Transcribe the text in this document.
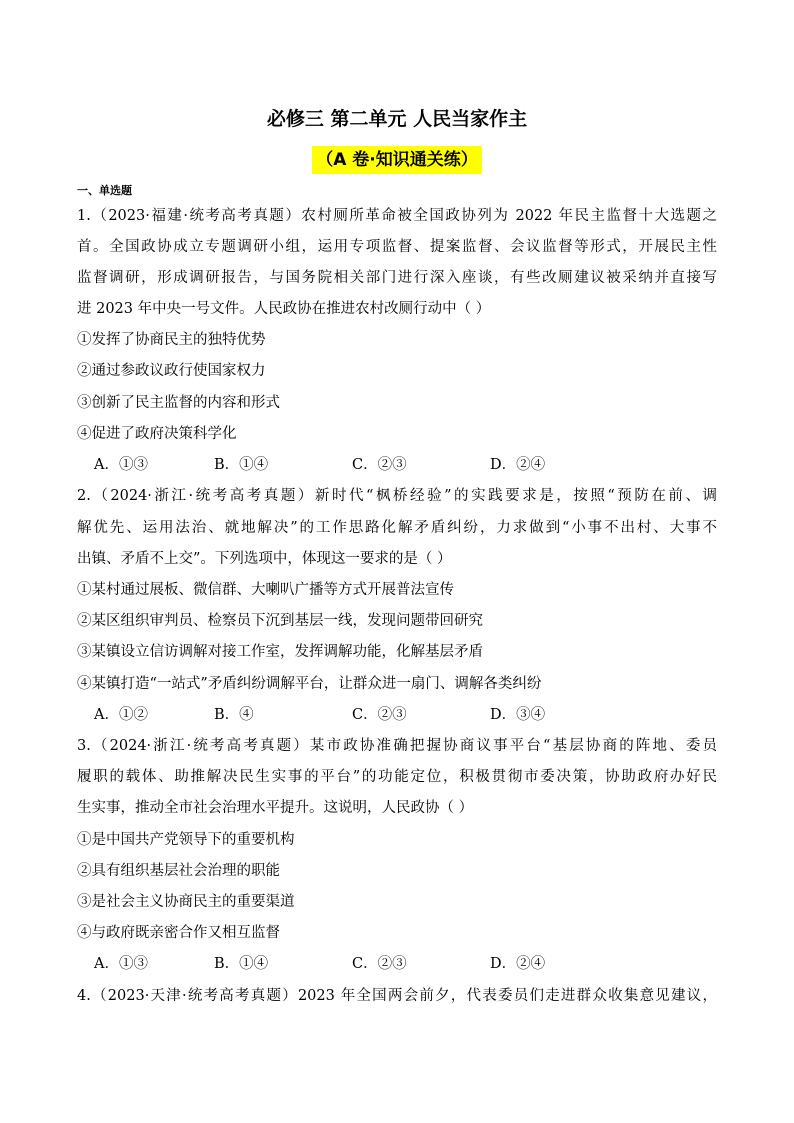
必修三 第二单元 人民当家作主
（A 卷·知识通关练）
一、单选题
1.（2023·福建·统考高考真题）农村厕所革命被全国政协列为 2022 年民主监督十大选题之
首。全国政协成立专题调研小组，运用专项监督、提案监督、会议监督等形式，开展民主性
监督调研，形成调研报告，与国务院相关部门进行深入座谈，有些改厕建议被采纳并直接写
进 2023 年中央一号文件。人民政协在推进农村改厕行动中（ ）
①发挥了协商民主的独特优势
②通过参政议政行使国家权力
③创新了民主监督的内容和形式
④促进了政府决策科学化
A．①③	B．①④	C．②③	D．②④
2.（2024·浙江·统考高考真题）新时代“枫桥经验”的实践要求是，按照“预防在前、调
解优先、运用法治、就地解决”的工作思路化解矛盾纠纷，力求做到“小事不出村、大事不
出镇、矛盾不上交”。下列选项中，体现这一要求的是（ ）
①某村通过展板、微信群、大喇叭广播等方式开展普法宣传
②某区组织审判员、检察员下沉到基层一线，发现问题带回研究
③某镇设立信访调解对接工作室，发挥调解功能，化解基层矛盾
④某镇打造“一站式”矛盾纠纷调解平台，让群众进一扇门、调解各类纠纷
A．①②	B．④	C．②③	D．③④
3.（2024·浙江·统考高考真题）某市政协准确把握协商议事平台“基层协商的阵地、委员
履职的载体、助推解决民生实事的平台”的功能定位，积极贯彻市委决策，协助政府办好民
生实事，推动全市社会治理水平提升。这说明，人民政协（ ）
①是中国共产党领导下的重要机构
②具有组织基层社会治理的职能
③是社会主义协商民主的重要渠道
④与政府既亲密合作又相互监督
A．①③	B．①④	C．②③	D．②④
4.（2023·天津·统考高考真题）2023 年全国两会前夕，代表委员们走进群众收集意见建议，
